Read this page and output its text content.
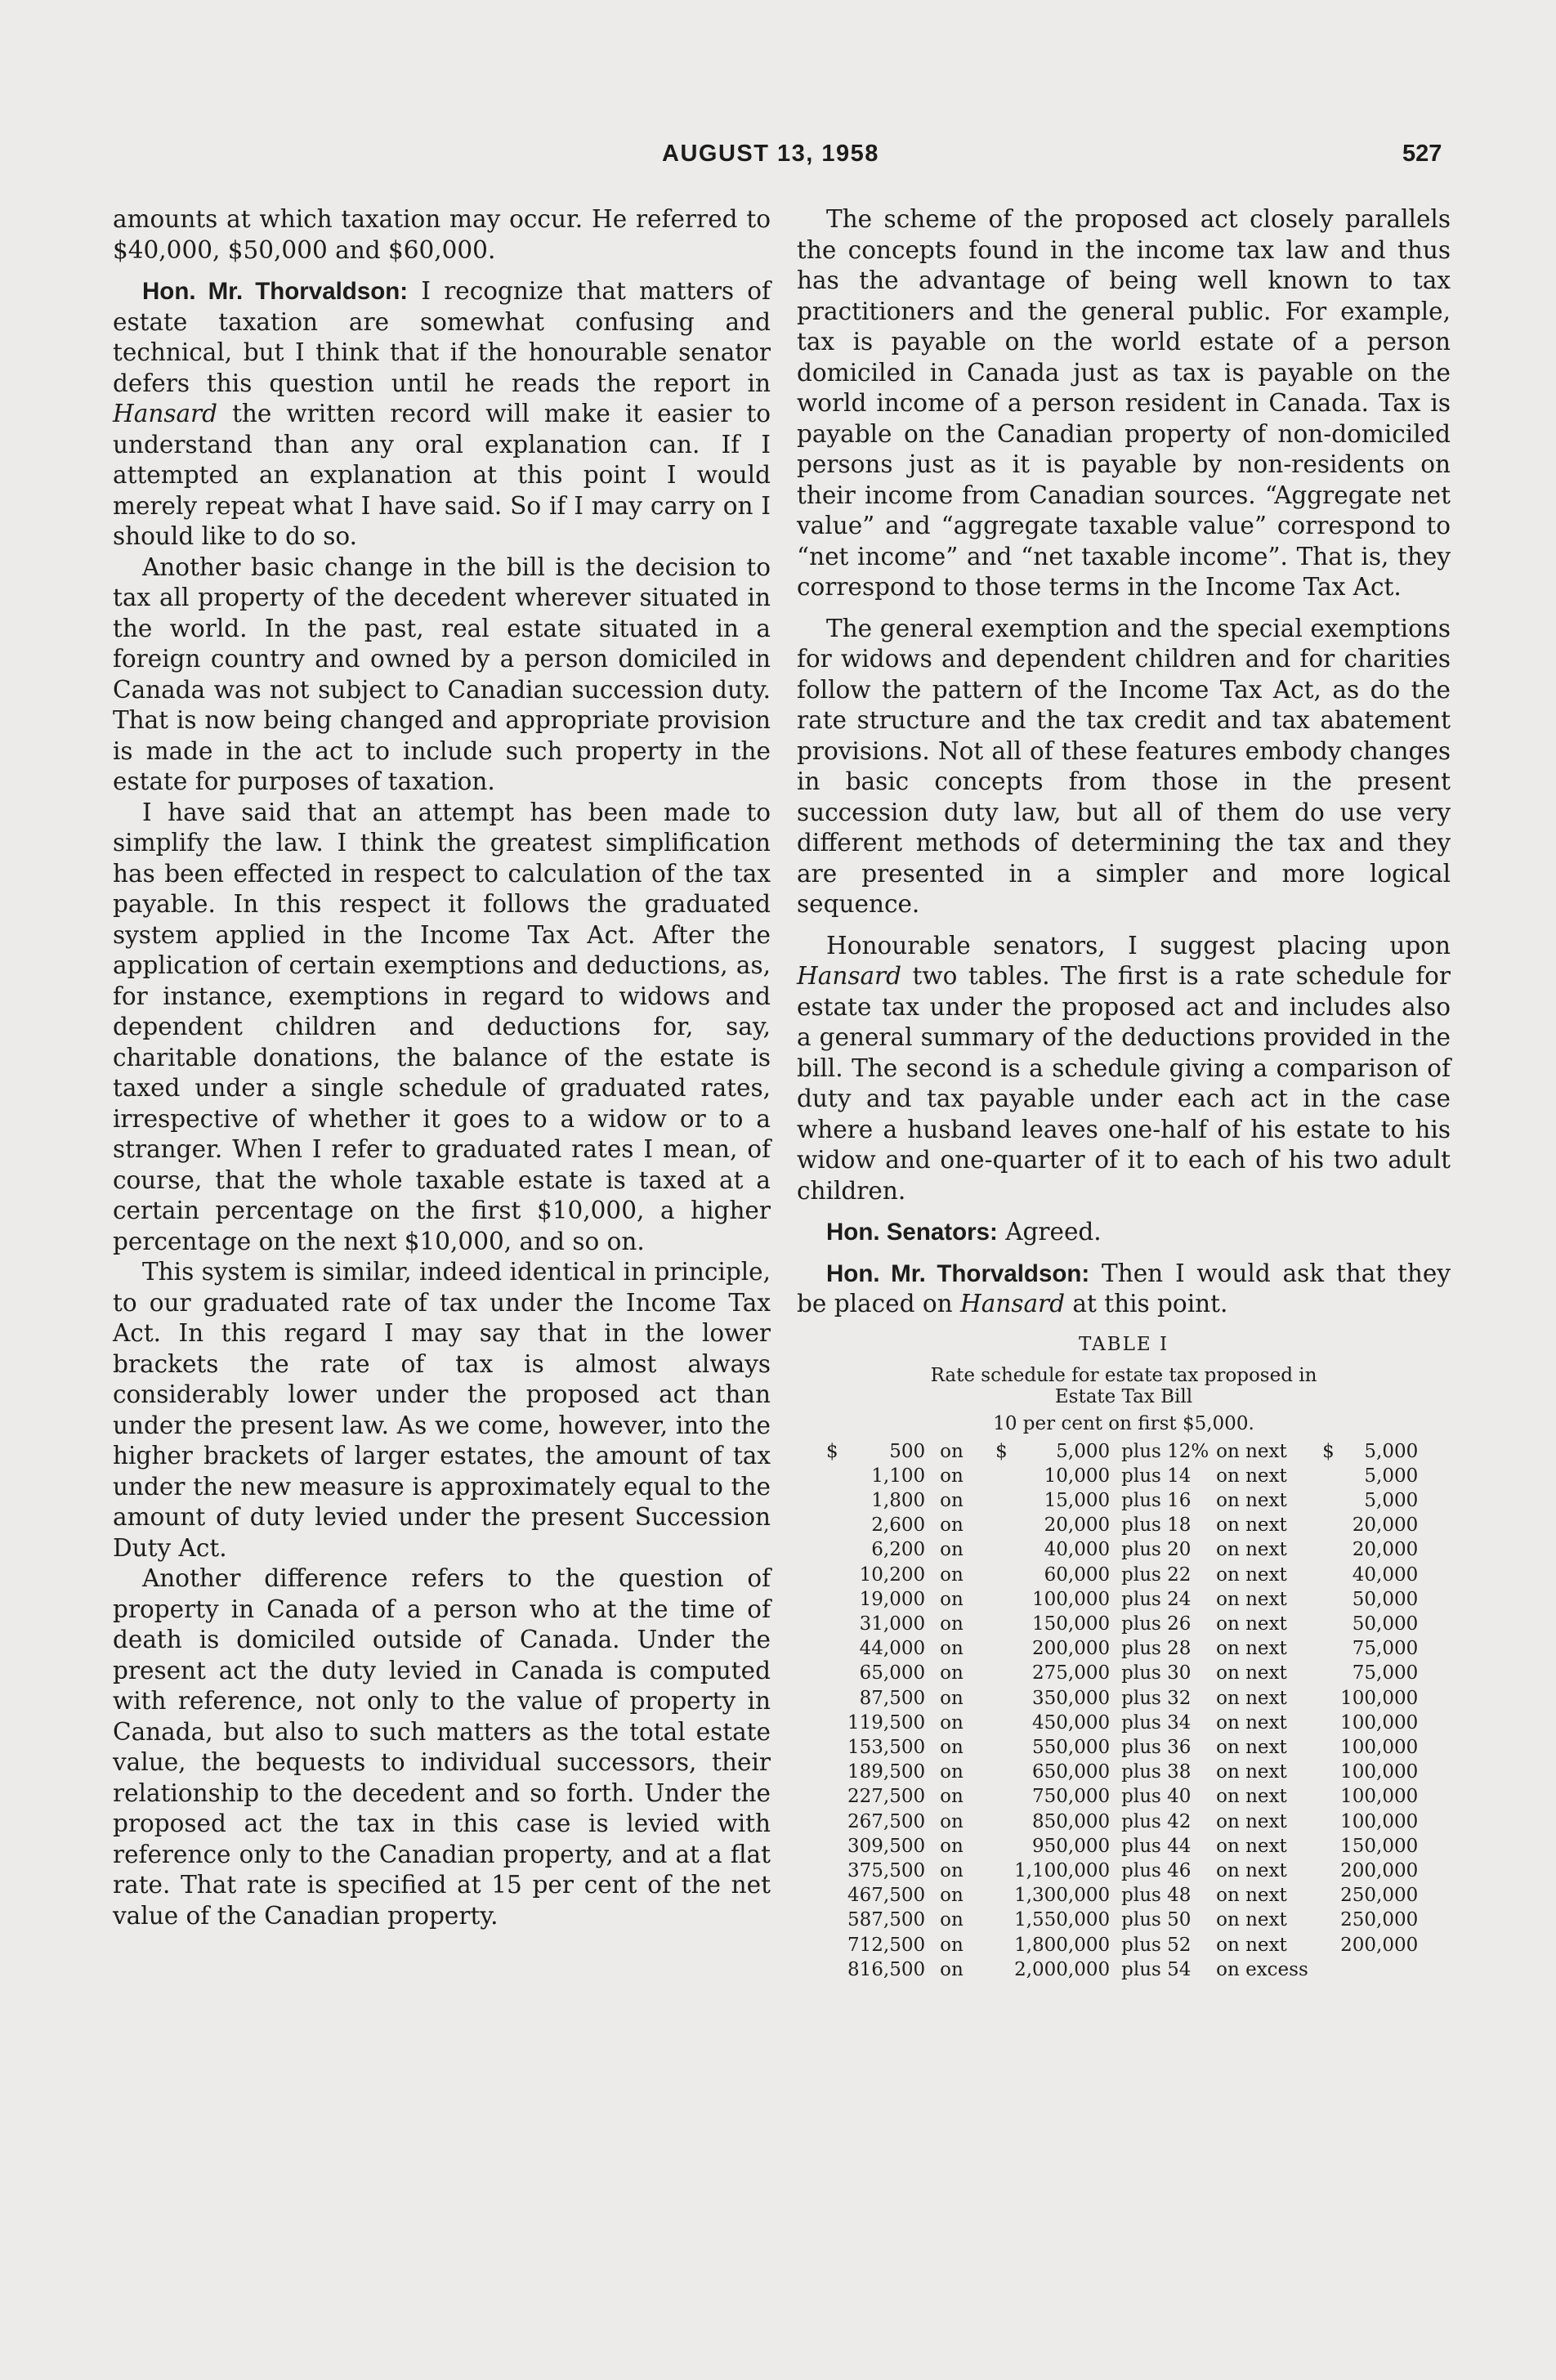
AUGUST 13, 1958	527

amounts at which taxation may occur. He referred to $40,000, $50,000 and $60,000.

Hon. Mr. Thorvaldson: I recognize that matters of estate taxation are somewhat confusing and technical, but I think that if the honourable senator defers this question until he reads the report in Hansard the written record will make it easier to understand than any oral explanation can. If I attempted an explanation at this point I would merely repeat what I have said. So if I may carry on I should like to do so.

Another basic change in the bill is the decision to tax all property of the decedent wherever situated in the world. In the past, real estate situated in a foreign country and owned by a person domiciled in Canada was not subject to Canadian succession duty. That is now being changed and appropriate provision is made in the act to include such property in the estate for purposes of taxation.

I have said that an attempt has been made to simplify the law. I think the greatest simplification has been effected in respect to calculation of the tax payable. In this respect it follows the graduated system applied in the Income Tax Act. After the application of certain exemptions and deductions, as, for instance, exemptions in regard to widows and dependent children and deductions for, say, charitable donations, the balance of the estate is taxed under a single schedule of graduated rates, irrespective of whether it goes to a widow or to a stranger. When I refer to graduated rates I mean, of course, that the whole taxable estate is taxed at a certain percentage on the first $10,000, a higher percentage on the next $10,000, and so on.

This system is similar, indeed identical in principle, to our graduated rate of tax under the Income Tax Act. In this regard I may say that in the lower brackets the rate of tax is almost always considerably lower under the proposed act than under the present law. As we come, however, into the higher brackets of larger estates, the amount of tax under the new measure is approximately equal to the amount of duty levied under the present Succession Duty Act.

Another difference refers to the question of property in Canada of a person who at the time of death is domiciled outside of Canada. Under the present act the duty levied in Canada is computed with reference, not only to the value of property in Canada, but also to such matters as the total estate value, the bequests to individual successors, their relationship to the decedent and so forth. Under the proposed act the tax in this case is levied with reference only to the Canadian property, and at a flat rate. That rate is specified at 15 per cent of the net value of the Canadian property.

The scheme of the proposed act closely parallels the concepts found in the income tax law and thus has the advantage of being well known to tax practitioners and the general public. For example, tax is payable on the world estate of a person domiciled in Canada just as tax is payable on the world income of a person resident in Canada. Tax is payable on the Canadian property of non-domiciled persons just as it is payable by non-residents on their income from Canadian sources. “Aggregate net value” and “aggregate taxable value” correspond to “net income” and “net taxable income”. That is, they correspond to those terms in the Income Tax Act.

The general exemption and the special exemptions for widows and dependent children and for charities follow the pattern of the Income Tax Act, as do the rate structure and the tax credit and tax abatement provisions. Not all of these features embody changes in basic concepts from those in the present succession duty law, but all of them do use very different methods of determining the tax and they are presented in a simpler and more logical sequence.

Honourable senators, I suggest placing upon Hansard two tables. The first is a rate schedule for estate tax under the proposed act and includes also a general summary of the deductions provided in the bill. The second is a schedule giving a comparison of duty and tax payable under each act in the case where a husband leaves one-half of his estate to his widow and one-quarter of it to each of his two adult children.

Hon. Senators: Agreed.

Hon. Mr. Thorvaldson: Then I would ask that they be placed on Hansard at this point.

TABLE I
Rate schedule for estate tax proposed in
Estate Tax Bill
10 per cent on first $5,000.
$	500	on	$	5,000	plus 12%	on next	$	5,000
	1,100	on		10,000	plus 14	on next		5,000
	1,800	on		15,000	plus 16	on next		5,000
	2,600	on		20,000	plus 18	on next		20,000
	6,200	on		40,000	plus 20	on next		20,000
	10,200	on		60,000	plus 22	on next		40,000
	19,000	on		100,000	plus 24	on next		50,000
	31,000	on		150,000	plus 26	on next		50,000
	44,000	on		200,000	plus 28	on next		75,000
	65,000	on		275,000	plus 30	on next		75,000
	87,500	on		350,000	plus 32	on next		100,000
	119,500	on		450,000	plus 34	on next		100,000
	153,500	on		550,000	plus 36	on next		100,000
	189,500	on		650,000	plus 38	on next		100,000
	227,500	on		750,000	plus 40	on next		100,000
	267,500	on		850,000	plus 42	on next		100,000
	309,500	on		950,000	plus 44	on next		150,000
	375,500	on		1,100,000	plus 46	on next		200,000
	467,500	on		1,300,000	plus 48	on next		250,000
	587,500	on		1,550,000	plus 50	on next		250,000
	712,500	on		1,800,000	plus 52	on next		200,000
	816,500	on		2,000,000	plus 54	on excess		
